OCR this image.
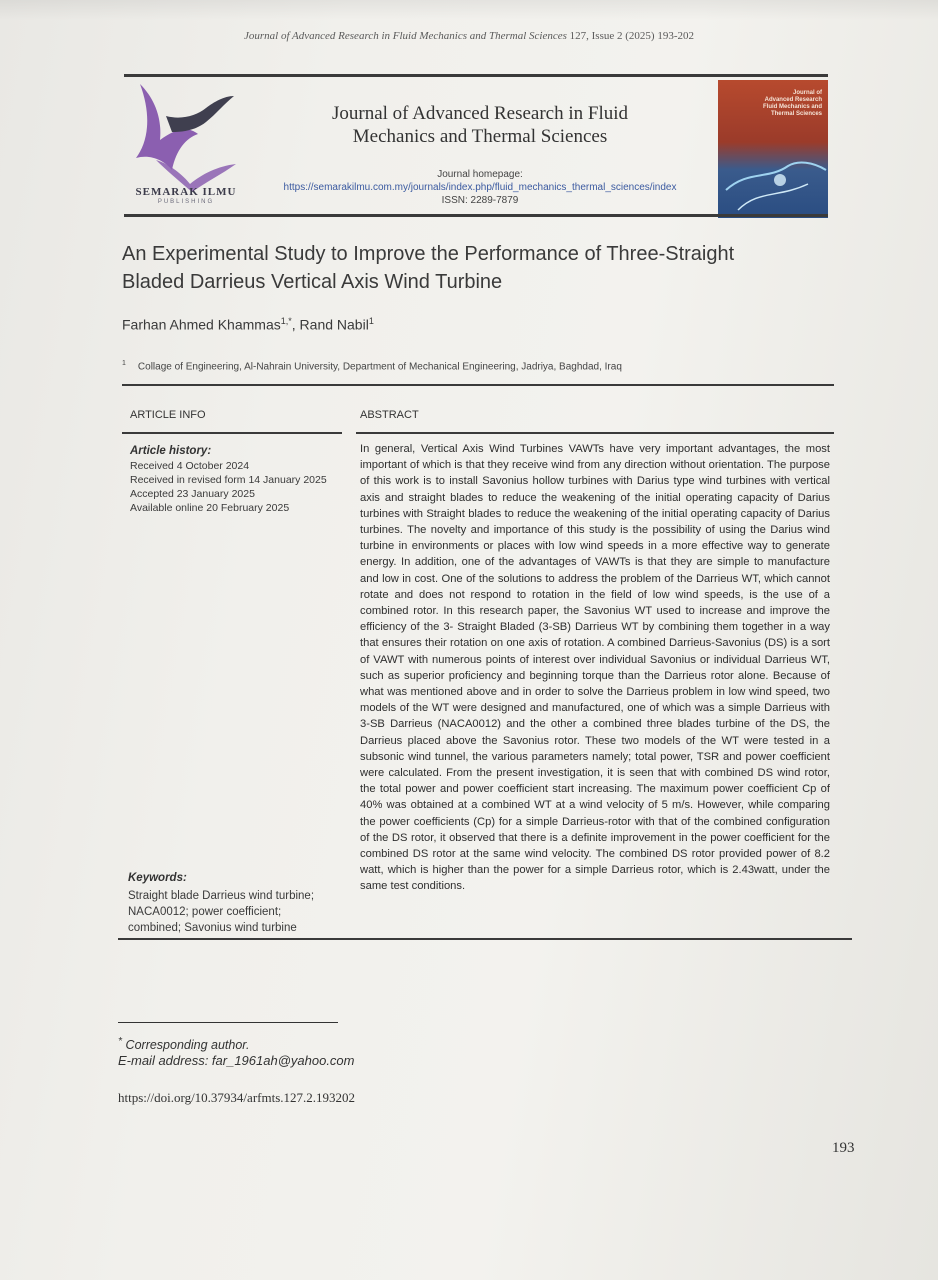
Journal of Advanced Research in Fluid Mechanics and Thermal Sciences 127, Issue 2 (2025) 193-202
SEMARAK ILMU
PUBLISHING
Journal of Advanced Research in Fluid
Mechanics and Thermal Sciences
Journal homepage:
https://semarakilmu.com.my/journals/index.php/fluid_mechanics_thermal_sciences/index
ISSN: 2289-7879
Journal of
Advanced Research
Fluid Mechanics and
Thermal Sciences
An Experimental Study to Improve the Performance of Three-Straight
Bladed Darrieus Vertical Axis Wind Turbine
Farhan Ahmed Khammas$^{1,*}$, Rand Nabil$^1$
$^1$ Collage of Engineering, Al-Nahrain University, Department of Mechanical Engineering, Jadriya, Baghdad, Iraq
ARTICLE INFO	ABSTRACT
Article history:
Received 4 October 2024
Received in revised form 14 January 2025
Accepted 23 January 2025
Available online 20 February 2025
Keywords:
Straight blade Darrieus wind turbine;
NACA0012; power coefficient;
combined; Savonius wind turbine

In general, Vertical Axis Wind Turbines VAWTs have very important advantages, the most important of which is that they receive wind from any direction without orientation. The purpose of this work is to install Savonius hollow turbines with Darius type wind turbines with vertical axis and straight blades to reduce the weakening of the initial operating capacity of Darius turbines with Straight blades to reduce the weakening of the initial operating capacity of Darius turbines. The novelty and importance of this study is the possibility of using the Darius wind turbine in environments or places with low wind speeds in a more effective way to generate energy. In addition, one of the advantages of VAWTs is that they are simple to manufacture and low in cost. One of the solutions to address the problem of the Darrieus WT, which cannot rotate and does not respond to rotation in the field of low wind speeds, is the use of a combined rotor. In this research paper, the Savonius WT used to increase and improve the efficiency of the 3- Straight Bladed (3-SB) Darrieus WT by combining them together in a way that ensures their rotation on one axis of rotation. A combined Darrieus-Savonius (DS) is a sort of VAWT with numerous points of interest over individual Savonius or individual Darrieus WT, such as superior proficiency and beginning torque than the Darrieus rotor alone. Because of what was mentioned above and in order to solve the Darrieus problem in low wind speed, two models of the WT were designed and manufactured, one of which was a simple Darrieus with 3-SB Darrieus (NACA0012) and the other a combined three blades turbine of the DS, the Darrieus placed above the Savonius rotor. These two models of the WT were tested in a subsonic wind tunnel, the various parameters namely; total power, TSR and power coefficient were calculated. From the present investigation, it is seen that with combined DS wind rotor, the total power and power coefficient start increasing. The maximum power coefficient Cp of 40% was obtained at a combined WT at a wind velocity of 5 m/s. However, while comparing the power coefficients (Cp) for a simple Darrieus-rotor with that of the combined configuration of the DS rotor, it observed that there is a definite improvement in the power coefficient for the combined DS rotor at the same wind velocity. The combined DS rotor provided power of 8.2 watt, which is higher than the power for a simple Darrieus rotor, which is 2.43watt, under the same test conditions.

* Corresponding author.
E-mail address: far_1961ah@yahoo.com
https://doi.org/10.37934/arfmts.127.2.193202
193
